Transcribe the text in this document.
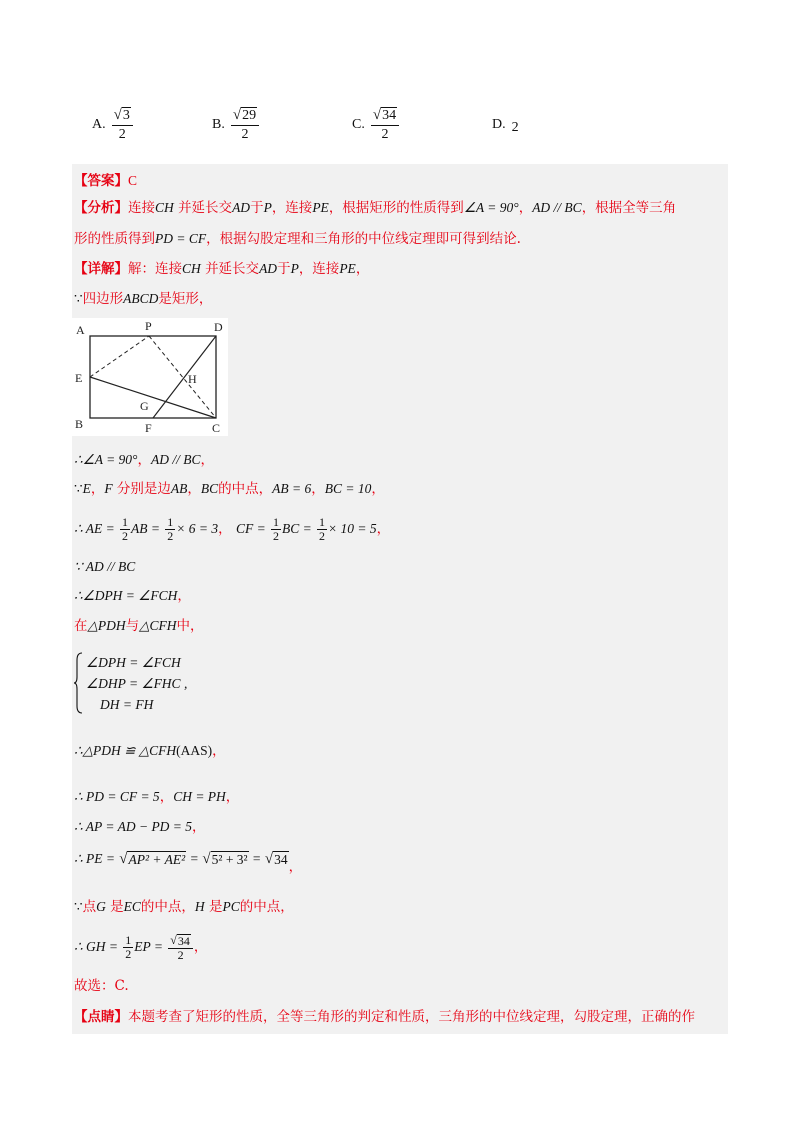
A. $\frac{√ 3}{2}$	B. $\frac{√ 29}{2}$	C. $\frac{√ 34}{2}$	D. 2
【答案】C
【分析】连接CH 并延长交AD于P，连接PE，根据矩形的性质得到∠A = 90°，AD // BC，根据全等三角
形的性质得到PD = CF，根据勾股定理和三角形的中位线定理即可得到结论.
【详解】解：连接CH 并延长交AD于P，连接PE，
∵四边形ABCD是矩形，
A	P	D
E	H
G
B	F	C
∴∠A = 90°，AD // BC，
∵E，F 分别是边AB，BC的中点，AB = 6，BC = 10，
∴ AE = $\frac{1}{2}$ AB = $\frac{1}{2} \times 6 = 3$， CF = $\frac{1}{2}$ BC = $\frac{1}{2} \times 10 = 5$，
∵ AD // BC
∴∠DPH = ∠FCH，
在△PDH与△CFH中，
∠DPH = ∠FCH
∠DHP = ∠FHC ,
DH = FH
∴△PDH ≌ △CFH(AAS)，
∴ PD = CF = 5，CH = PH，
∴ AP = AD − PD = 5，
∴ PE = √ AP² + AE² = √ 5² + 3² = √ 34 ，
∵点G 是EC的中点，H 是PC的中点，
∴ GH = $\frac{1}{2}$ EP = $\frac{√ 34}{2}$ ，
故选：C.
【点睛】本题考查了矩形的性质，全等三角形的判定和性质，三角形的中位线定理，勾股定理，正确的作
